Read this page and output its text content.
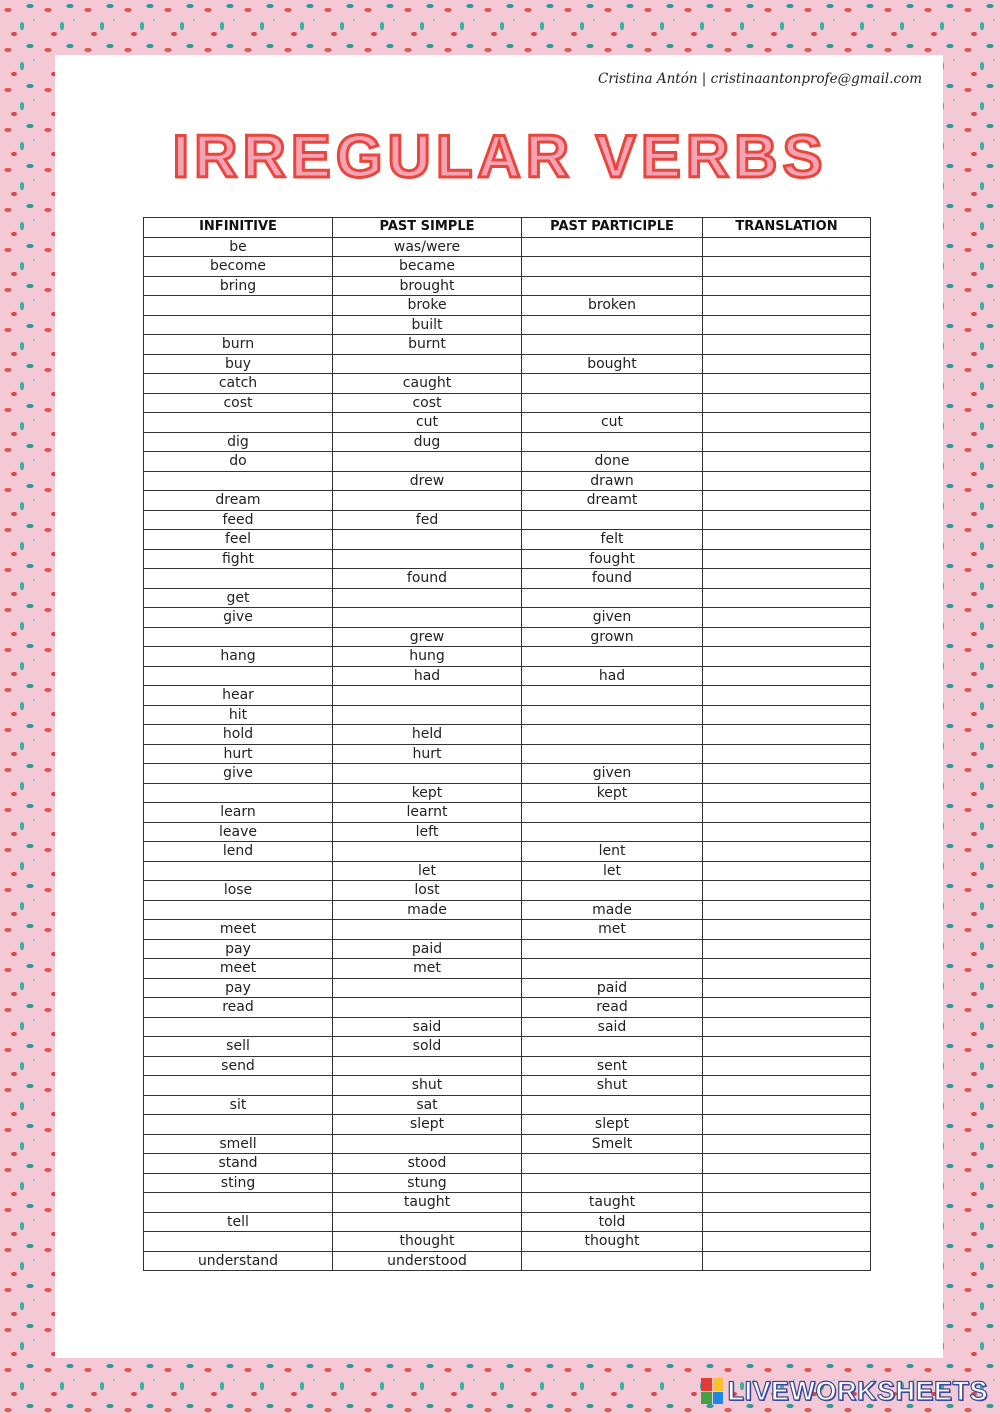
Cristina Antón | cristinaantonprofe@gmail.com
IRREGULAR VERBS
INFINITIVE	PAST SIMPLE	PAST PARTICIPLE	TRANSLATION
be	was/were		
become	became		
bring	brought		
	broke	broken	
	built		
burn	burnt		
buy		bought	
catch	caught		
cost	cost		
	cut	cut	
dig	dug		
do		done	
	drew	drawn	
dream		dreamt	
feed	fed		
feel		felt	
fight		fought	
	found	found	
get			
give		given	
	grew	grown	
hang	hung		
	had	had	
hear			
hit			
hold	held		
hurt	hurt		
give		given	
	kept	kept	
learn	learnt		
leave	left		
lend		lent	
	let	let	
lose	lost		
	made	made	
meet		met	
pay	paid		
meet	met		
pay		paid	
read		read	
	said	said	
sell	sold		
send		sent	
	shut	shut	
sit	sat		
	slept	slept	
smell		Smelt	
stand	stood		
sting	stung		
	taught	taught	
tell		told	
	thought	thought	
understand	understood		
LIVEWORKSHEETS
